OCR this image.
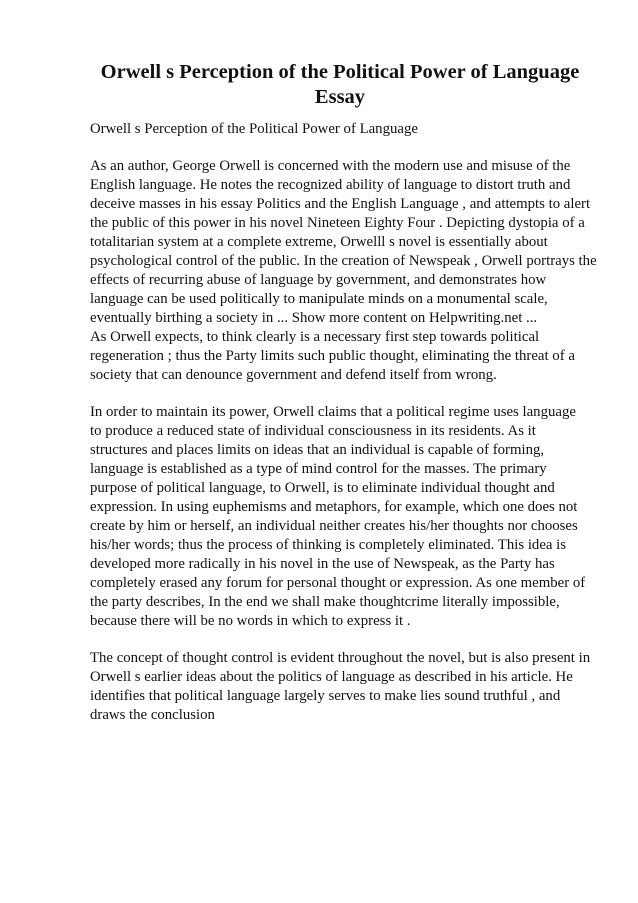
Orwell s Perception of the Political Power of Language
Essay

Orwell s Perception of the Political Power of Language

As an author, George Orwell is concerned with the modern use and misuse of the
English language. He notes the recognized ability of language to distort truth and
deceive masses in his essay Politics and the English Language , and attempts to alert
the public of this power in his novel Nineteen Eighty Four . Depicting dystopia of a
totalitarian system at a complete extreme, Orwelll s novel is essentially about
psychological control of the public. In the creation of Newspeak , Orwell portrays the
effects of recurring abuse of language by government, and demonstrates how
language can be used politically to manipulate minds on a monumental scale,
eventually birthing a society in ... Show more content on Helpwriting.net ...
As Orwell expects, to think clearly is a necessary first step towards political
regeneration ; thus the Party limits such public thought, eliminating the threat of a
society that can denounce government and defend itself from wrong.

In order to maintain its power, Orwell claims that a political regime uses language
to produce a reduced state of individual consciousness in its residents. As it
structures and places limits on ideas that an individual is capable of forming,
language is established as a type of mind control for the masses. The primary
purpose of political language, to Orwell, is to eliminate individual thought and
expression. In using euphemisms and metaphors, for example, which one does not
create by him or herself, an individual neither creates his/her thoughts nor chooses
his/her words; thus the process of thinking is completely eliminated. This idea is
developed more radically in his novel in the use of Newspeak, as the Party has
completely erased any forum for personal thought or expression. As one member of
the party describes, In the end we shall make thoughtcrime literally impossible,
because there will be no words in which to express it .

The concept of thought control is evident throughout the novel, but is also present in
Orwell s earlier ideas about the politics of language as described in his article. He
identifies that political language largely serves to make lies sound truthful , and
draws the conclusion
